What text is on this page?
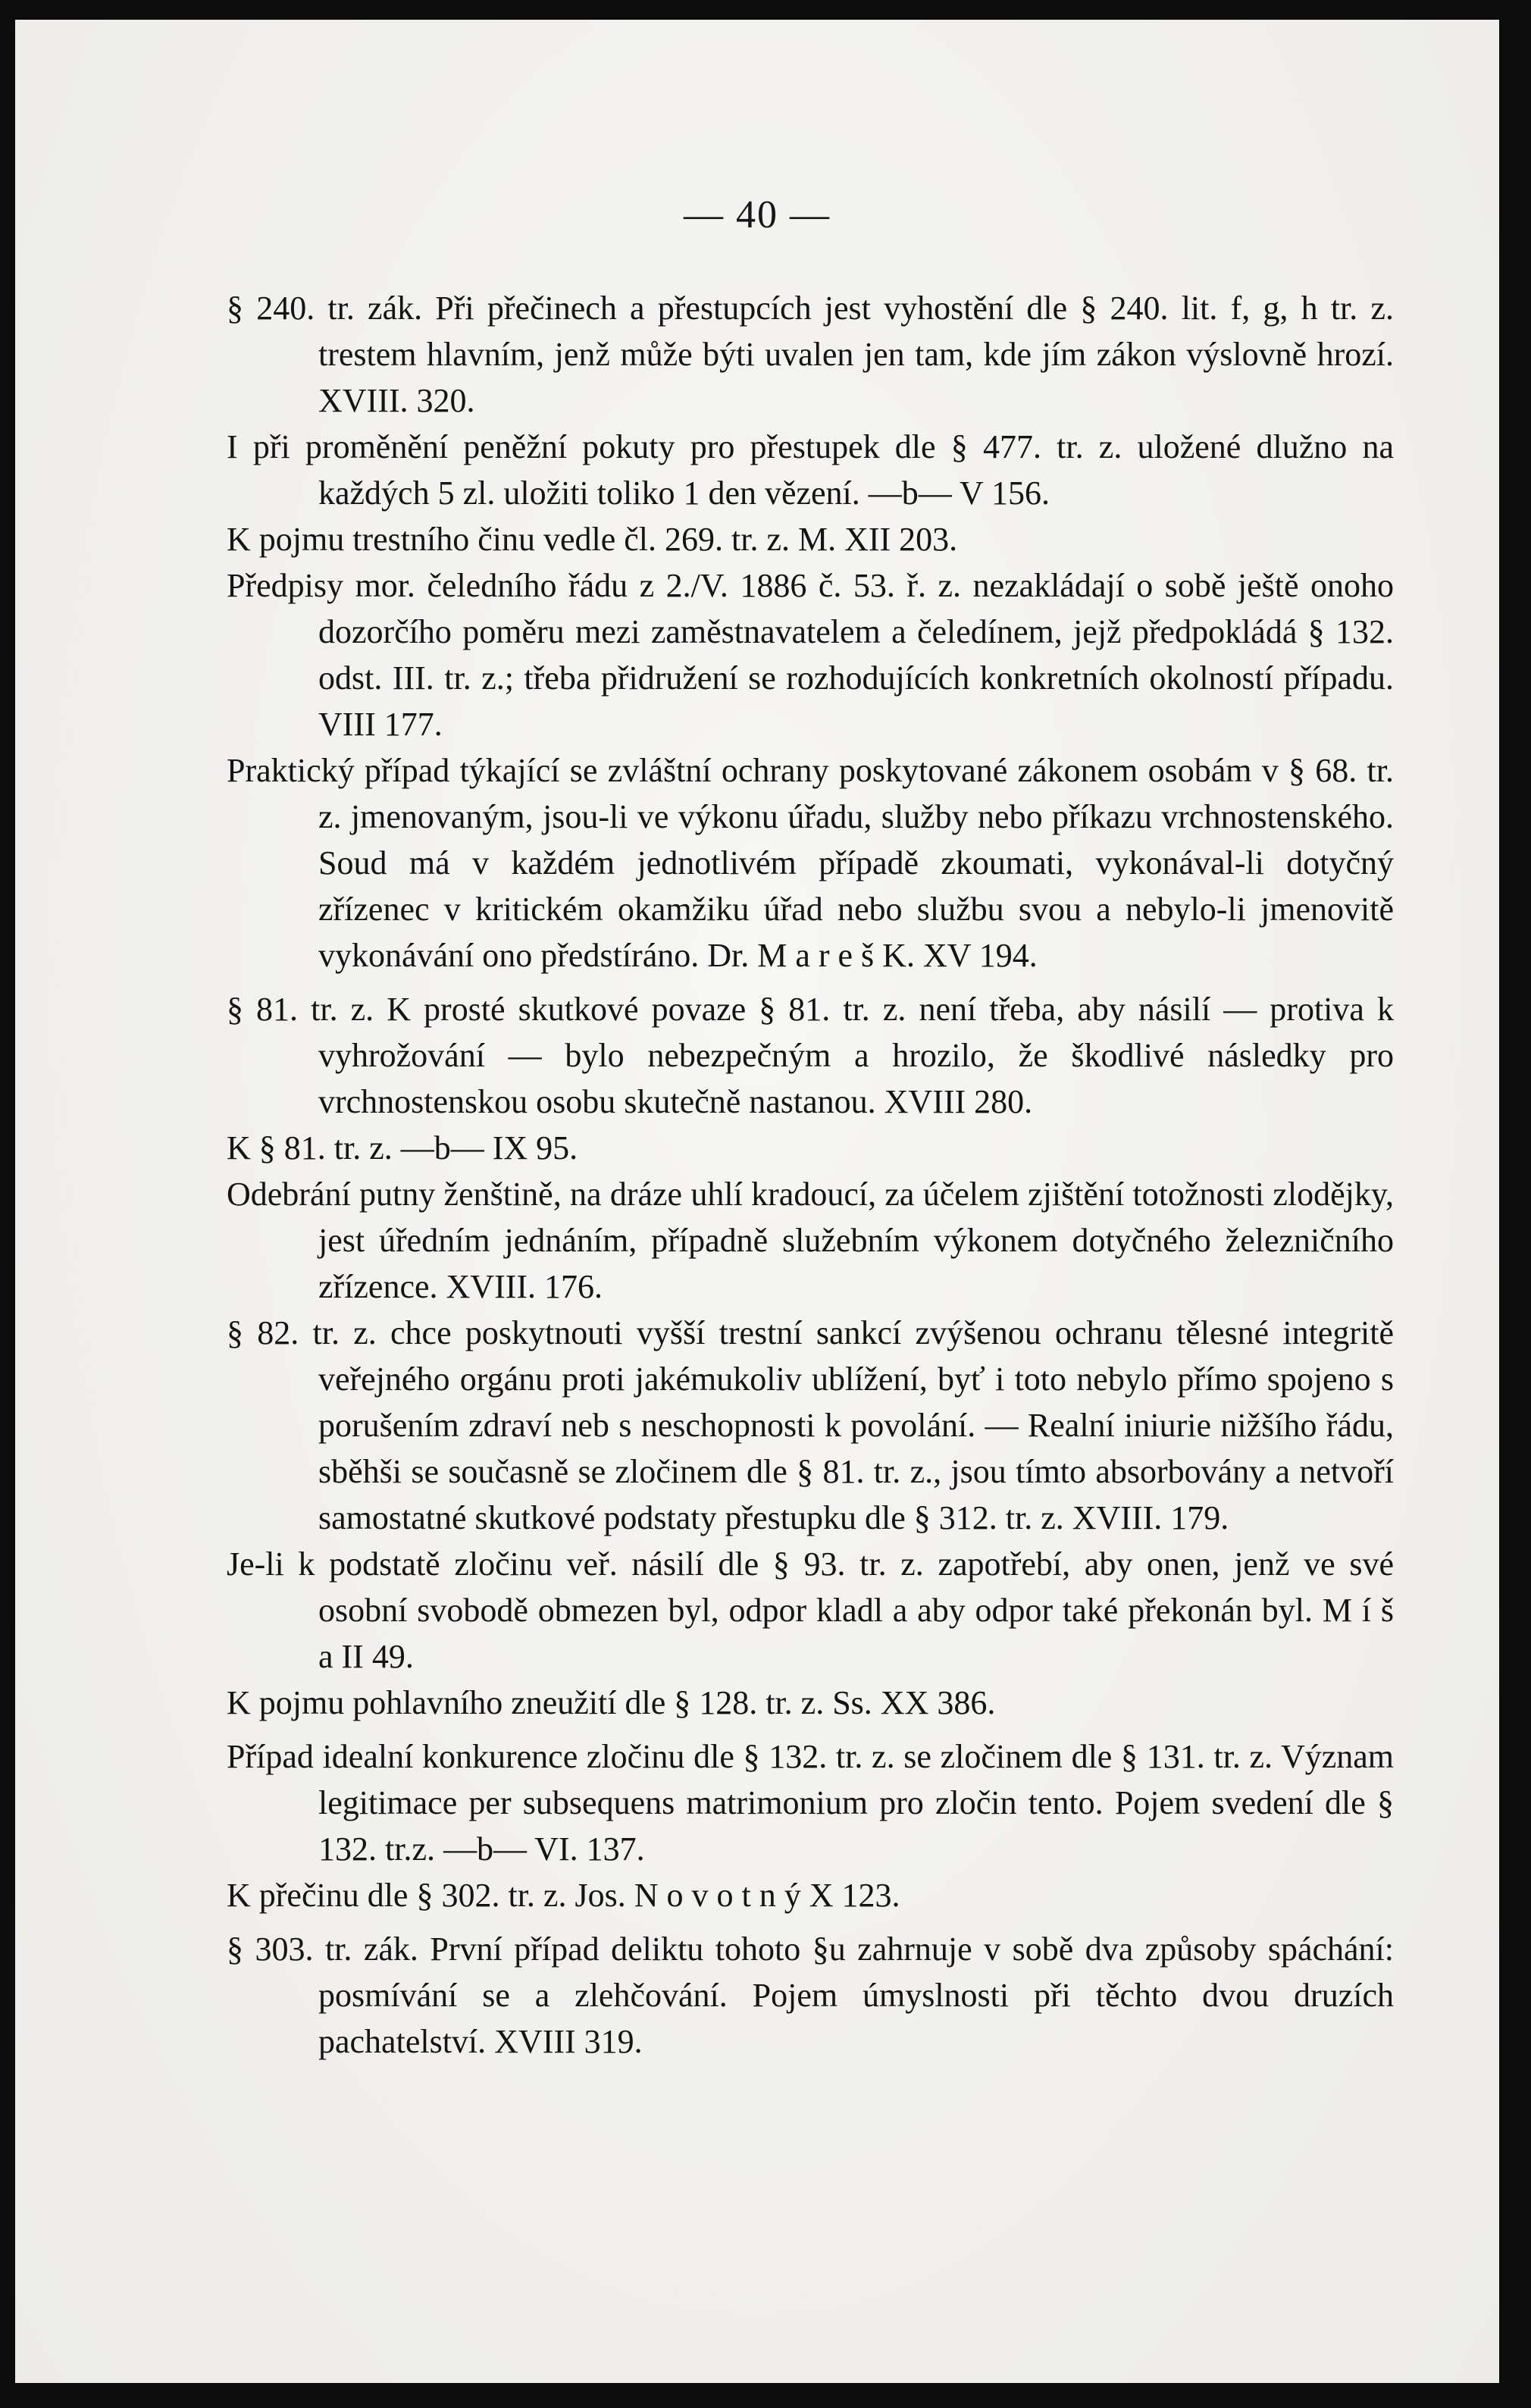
— 40 —

§ 240. tr. zák. Při přečinech a přestupcích jest vyhostění dle § 240. lit. f, g, h tr. z. trestem hlavním, jenž může býti uvalen jen tam, kde jím zákon výslovně hrozí. XVIII. 320.

I při proměnění peněžní pokuty pro přestupek dle § 477. tr. z. uložené dlužno na každých 5 zl. uložiti toliko 1 den vězení. —b— V 156.

K pojmu trestního činu vedle čl. 269. tr. z. M. XII 203.

Předpisy mor. čeledního řádu z 2./V. 1886 č. 53. ř. z. nezakládají o sobě ještě onoho dozorčího poměru mezi zaměstnavatelem a čeledínem, jejž předpokládá § 132. odst. III. tr. z.; třeba přidružení se rozhodujících konkretních okolností případu. VIII 177.

Praktický případ týkající se zvláštní ochrany poskytované zákonem osobám v § 68. tr. z. jmenovaným, jsou-li ve výkonu úřadu, služby nebo příkazu vrchnostenského. Soud má v každém jednotlivém případě zkoumati, vykonával-li dotyčný zřízenec v kritickém okamžiku úřad nebo službu svou a nebylo-li jmenovitě vykonávání ono předstíráno. Dr. M a r e š K. XV 194.

§ 81. tr. z. K prosté skutkové povaze § 81. tr. z. není třeba, aby násilí — protiva k vyhrožování — bylo nebezpečným a hrozilo, že škodlivé následky pro vrchnostenskou osobu skutečně nastanou. XVIII 280.

K § 81. tr. z. —b— IX 95.

Odebrání putny ženštině, na dráze uhlí kradoucí, za účelem zjištění totožnosti zlodějky, jest úředním jednáním, případně služebním výkonem dotyčného železničního zřízence. XVIII. 176.

§ 82. tr. z. chce poskytnouti vyšší trestní sankcí zvýšenou ochranu tělesné integritě veřejného orgánu proti jakémukoliv ublížení, byť i toto nebylo přímo spojeno s porušením zdraví neb s neschopnosti k povolání. — Realní iniurie nižšího řádu, sběhši se současně se zločinem dle § 81. tr. z., jsou tímto absorbovány a netvoří samostatné skutkové podstaty přestupku dle § 312. tr. z. XVIII. 179.

Je-li k podstatě zločinu veř. násilí dle § 93. tr. z. zapotřebí, aby onen, jenž ve své osobní svobodě obmezen byl, odpor kladl a aby odpor také překonán byl. M í š a II 49.

K pojmu pohlavního zneužití dle § 128. tr. z. Ss. XX 386.

Případ idealní konkurence zločinu dle § 132. tr. z. se zločinem dle § 131. tr. z. Význam legitimace per subsequens matrimonium pro zločin tento. Pojem svedení dle § 132. tr.z. —b— VI. 137.

K přečinu dle § 302. tr. z. Jos. N o v o t n ý X 123.

§ 303. tr. zák. První případ deliktu tohoto §u zahrnuje v sobě dva způsoby spáchání: posmívání se a zlehčování. Pojem úmyslnosti při těchto dvou druzích pachatelství. XVIII 319.
